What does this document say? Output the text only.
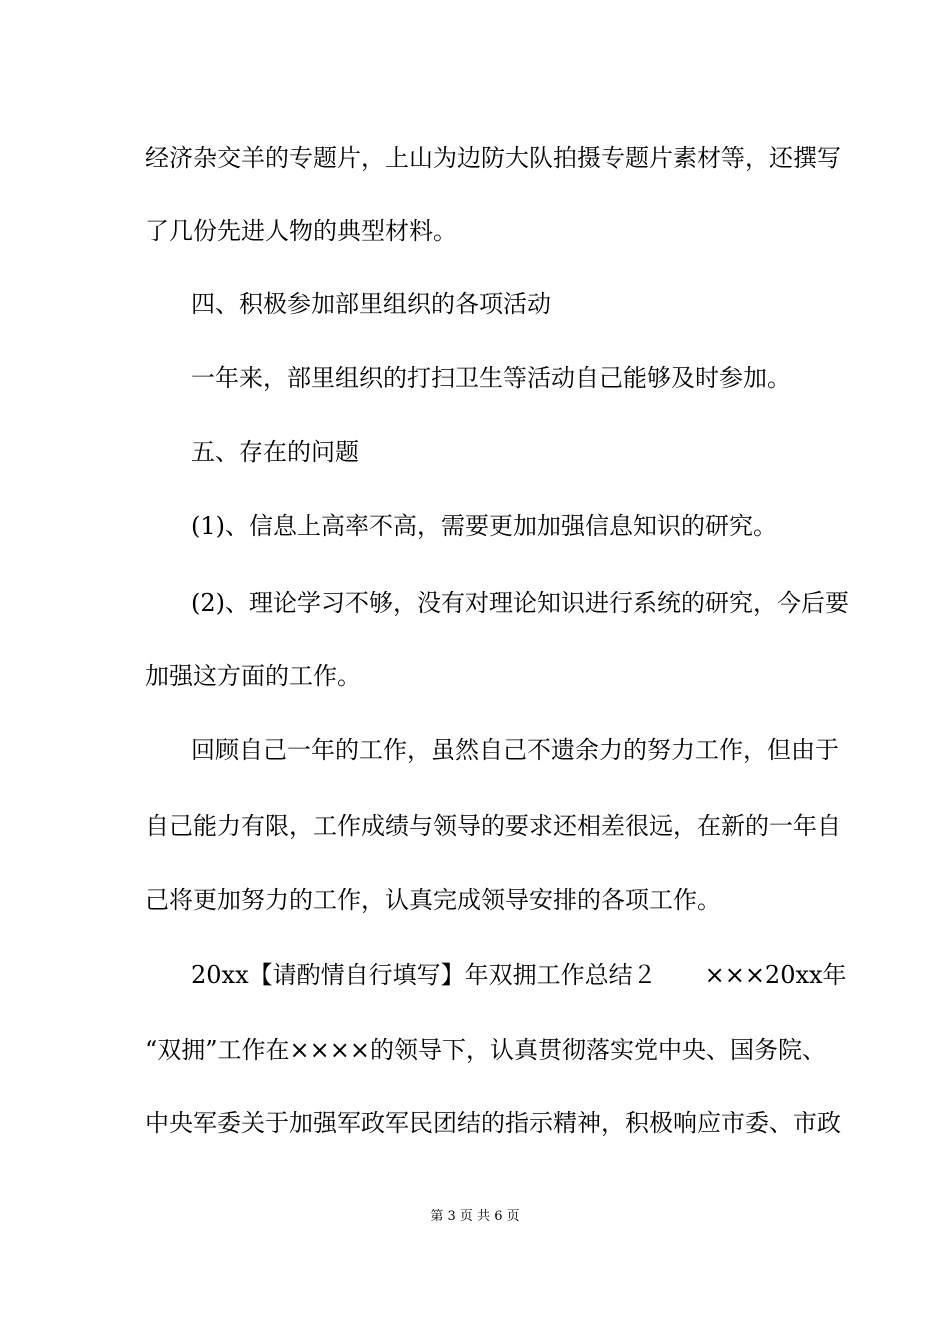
经济杂交羊的专题片，上山为边防大队拍摄专题片素材等，还撰写
了几份先进人物的典型材料。
四、积极参加部里组织的各项活动
一年来，部里组织的打扫卫生等活动自己能够及时参加。
五、存在的问题
(1)、信息上高率不高，需要更加加强信息知识的研究。
(2)、理论学习不够，没有对理论知识进行系统的研究，今后要
加强这方面的工作。
回顾自己一年的工作，虽然自己不遗余力的努力工作，但由于
自己能力有限，工作成绩与领导的要求还相差很远，在新的一年自
己将更加努力的工作，认真完成领导安排的各项工作。
20xx【请酌情自行填写】年双拥工作总结２　　×××20xx年
“双拥”工作在××××的领导下，认真贯彻落实党中央、国务院、
中央军委关于加强军政军民团结的指示精神，积极响应市委、市政
第 3 页 共 6 页
